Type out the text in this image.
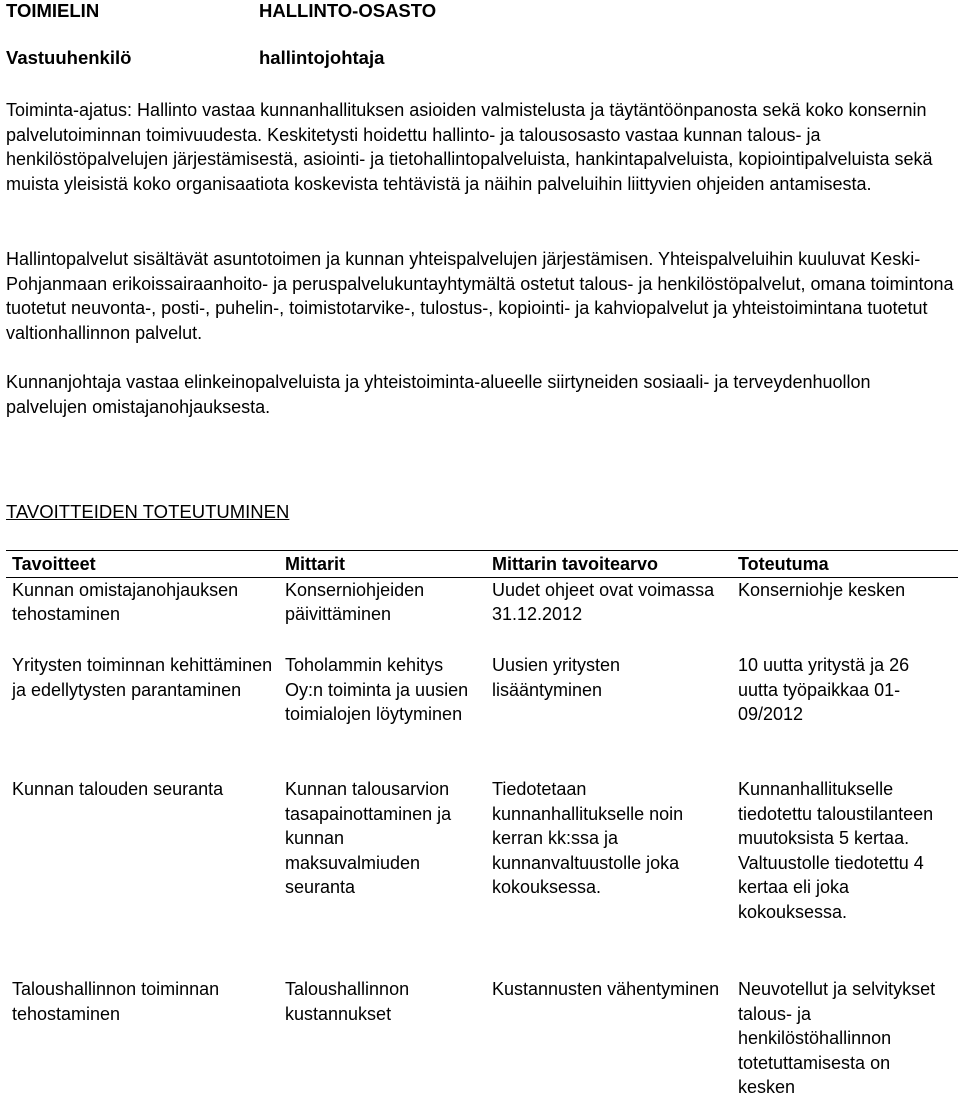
TOIMIELIN	HALLINTO-OSASTO
Vastuuhenkilö	hallintojohtaja

Toiminta-ajatus: Hallinto vastaa kunnanhallituksen asioiden valmistelusta ja täytäntöönpanosta sekä koko konsernin palvelutoiminnan toimivuudesta. Keskitetysti hoidettu hallinto- ja talousosasto vastaa kunnan talous- ja henkilöstöpalvelujen järjestämisestä, asiointi- ja tietohallintopalveluista, hankintapalveluista, kopiointipalveluista sekä muista yleisistä koko organisaatiota koskevista tehtävistä ja näihin palveluihin liittyvien ohjeiden antamisesta.

Hallintopalvelut sisältävät asuntotoimen ja kunnan yhteispalvelujen järjestämisen. Yhteispalveluihin kuuluvat Keski-Pohjanmaan erikoissairaanhoito- ja peruspalvelukuntayhtymältä ostetut talous- ja henkilöstöpalvelut, omana toimintona tuotetut neuvonta-, posti-, puhelin-, toimistotarvike-, tulostus-, kopiointi- ja kahviopalvelut ja yhteistoimintana tuotetut valtionhallinnon palvelut.

Kunnanjohtaja vastaa elinkeinopalveluista ja yhteistoiminta-alueelle siirtyneiden sosiaali- ja terveydenhuollon palvelujen omistajanohjauksesta.

TAVOITTEIDEN TOTEUTUMINEN
Tavoitteet	Mittarit	Mittarin tavoitearvo	Toteutuma
Kunnan omistajanohjauksen tehostaminen	Konserniohjeiden päivittäminen	Uudet ohjeet ovat voimassa 31.12.2012	Konserniohje kesken
Yritysten toiminnan kehittäminen ja edellytysten parantaminen	Toholammin kehitys Oy:n toiminta ja uusien toimialojen löytyminen	Uusien yritysten lisääntyminen	10 uutta yritystä ja 26 uutta työpaikkaa 01-09/2012
Kunnan talouden seuranta	Kunnan talousarvion tasapainottaminen ja kunnan maksuvalmiuden seuranta	Tiedotetaan kunnanhallitukselle noin kerran kk:ssa ja kunnanvaltuustolle joka kokouksessa.	Kunnanhallitukselle tiedotettu taloustilanteen muutoksista 5 kertaa. Valtuustolle tiedotettu 4 kertaa eli joka kokouksessa.
Taloushallinnon toiminnan tehostaminen	Taloushallinnon kustannukset	Kustannusten vähentyminen	Neuvotellut ja selvitykset talous- ja henkilöstöhallinnon totetuttamisesta on kesken
